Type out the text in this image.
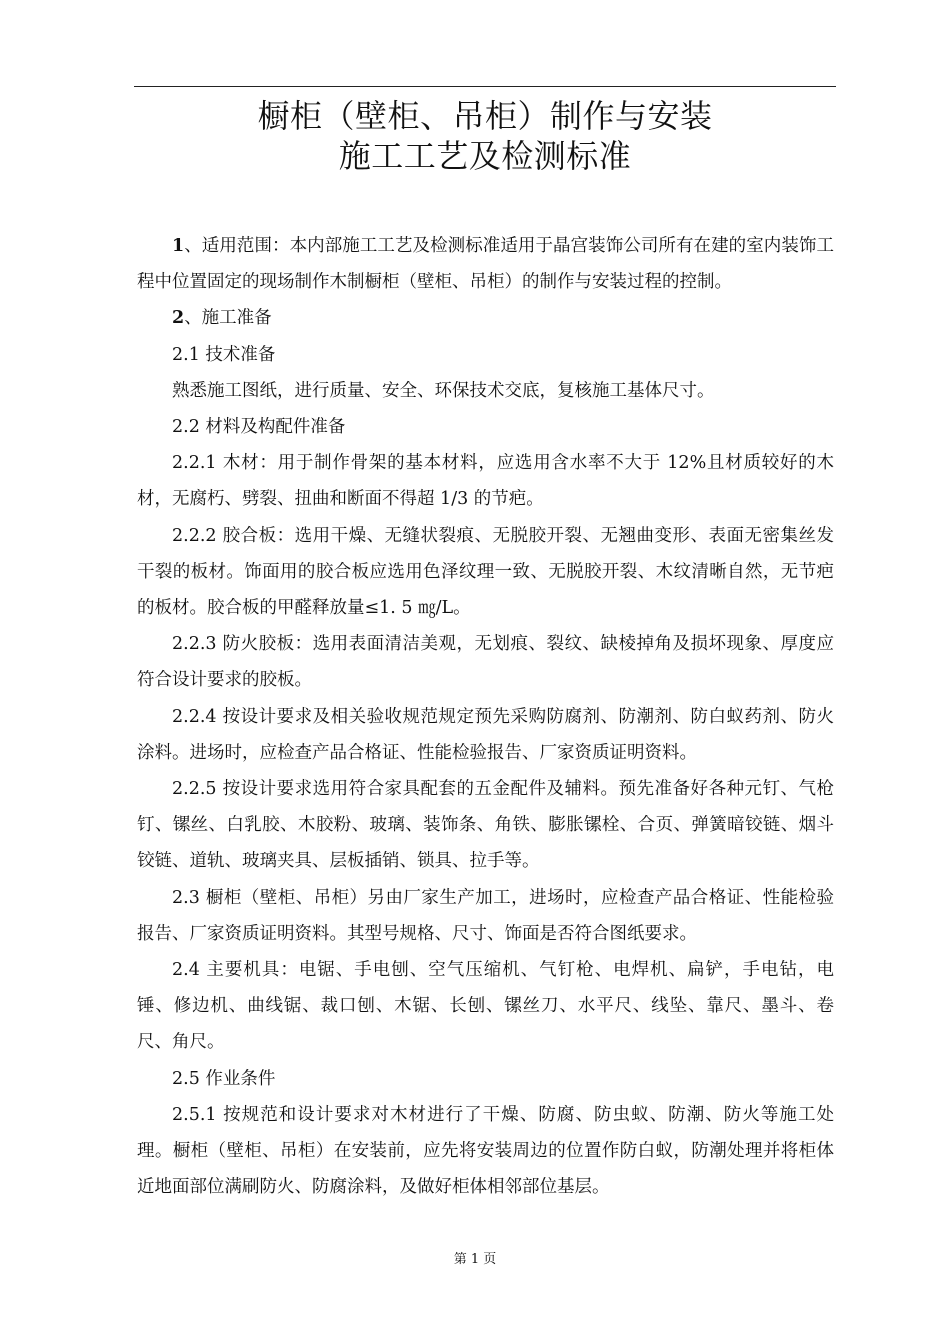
橱柜（壁柜、吊柜）制作与安装
施工工艺及检测标准

1、适用范围：本内部施工工艺及检测标准适用于晶宫装饰公司所有在建的室内装饰工程中位置固定的现场制作木制橱柜（壁柜、吊柜）的制作与安装过程的控制。

2、施工准备

2.1 技术准备

熟悉施工图纸，进行质量、安全、环保技术交底，复核施工基体尺寸。

2.2 材料及构配件准备

2.2.1 木材：用于制作骨架的基本材料，应选用含水率不大于 12%且材质较好的木材，无腐朽、劈裂、扭曲和断面不得超 1/3 的节疤。

2.2.2 胶合板：选用干燥、无缝状裂痕、无脱胶开裂、无翘曲变形、表面无密集丝发干裂的板材。饰面用的胶合板应选用色泽纹理一致、无脱胶开裂、木纹清晰自然，无节疤的板材。胶合板的甲醛释放量≤1. 5 ㎎/L。

2.2.3 防火胶板：选用表面清洁美观，无划痕、裂纹、缺棱掉角及损坏现象、厚度应符合设计要求的胶板。

2.2.4 按设计要求及相关验收规范规定预先采购防腐剂、防潮剂、防白蚁药剂、防火涂料。进场时，应检查产品合格证、性能检验报告、厂家资质证明资料。

2.2.5 按设计要求选用符合家具配套的五金配件及辅料。预先准备好各种元钉、气枪钉、镙丝、白乳胶、木胶粉、玻璃、装饰条、角铁、膨胀镙栓、合页、弹簧暗铰链、烟斗铰链、道轨、玻璃夹具、层板插销、锁具、拉手等。

2.3 橱柜（壁柜、吊柜）另由厂家生产加工，进场时，应检查产品合格证、性能检验报告、厂家资质证明资料。其型号规格、尺寸、饰面是否符合图纸要求。

2.4 主要机具：电锯、手电刨、空气压缩机、气钉枪、电焊机、扁铲，手电钻，电锤、修边机、曲线锯、裁口刨、木锯、长刨、镙丝刀、水平尺、线坠、靠尺、墨斗、卷尺、角尺。

2.5 作业条件

2.5.1 按规范和设计要求对木材进行了干燥、防腐、防虫蚁、防潮、防火等施工处理。橱柜（壁柜、吊柜）在安装前，应先将安装周边的位置作防白蚁，防潮处理并将柜体近地面部位满刷防火、防腐涂料，及做好柜体相邻部位基层。

第 1 页
